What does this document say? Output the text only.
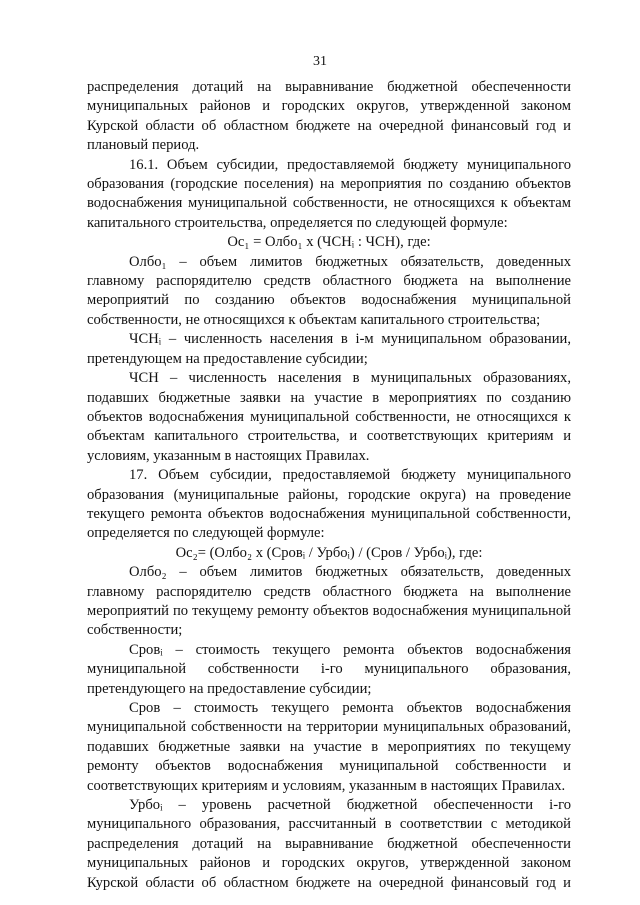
31

распределения дотаций на выравнивание бюджетной обеспеченности муниципальных районов и городских округов, утвержденной законом Курской области об областном бюджете на очередной финансовый год и плановый период.

16.1. Объем субсидии, предоставляемой бюджету муниципального образования (городские поселения) на мероприятия по созданию объектов водоснабжения муниципальной собственности, не относящихся к объектам капитального строительства, определяется по следующей формуле:

Ос₁ = Олбо₁ х (ЧСНᵢ : ЧСН), где:

Олбо₁ – объем лимитов бюджетных обязательств, доведенных главному распорядителю средств областного бюджета на выполнение мероприятий по созданию объектов водоснабжения муниципальной собственности, не относящихся к объектам капитального строительства;

ЧСНᵢ – численность населения в i-м муниципальном образовании, претендующем на предоставление субсидии;

ЧСН – численность населения в муниципальных образованиях, подавших бюджетные заявки на участие в мероприятиях по созданию объектов водоснабжения муниципальной собственности, не относящихся к объектам капитального строительства, и соответствующих критериям и условиям, указанным в настоящих Правилах.

17. Объем субсидии, предоставляемой бюджету муниципального образования (муниципальные районы, городские округа) на проведение текущего ремонта объектов водоснабжения муниципальной собственности, определяется по следующей формуле:

Ос₂= (Олбо₂ х (Сровᵢ / Урбоᵢ) / (Сров / Урбоᵢ), где:

Олбо₂ – объем лимитов бюджетных обязательств, доведенных главному распорядителю средств областного бюджета на выполнение мероприятий по текущему ремонту объектов водоснабжения муниципальной собственности;

Сровᵢ – стоимость текущего ремонта объектов водоснабжения муниципальной собственности i-го муниципального образования, претендующего на предоставление субсидии;

Сров – стоимость текущего ремонта объектов водоснабжения муниципальной собственности на территории муниципальных образований, подавших бюджетные заявки на участие в мероприятиях по текущему ремонту объектов водоснабжения муниципальной собственности и соответствующих критериям и условиям, указанным в настоящих Правилах.

Урбоᵢ – уровень расчетной бюджетной обеспеченности i-го муниципального образования, рассчитанный в соответствии с методикой распределения дотаций на выравнивание бюджетной обеспеченности муниципальных районов и городских округов, утвержденной законом Курской области об областном бюджете на очередной финансовый год и
